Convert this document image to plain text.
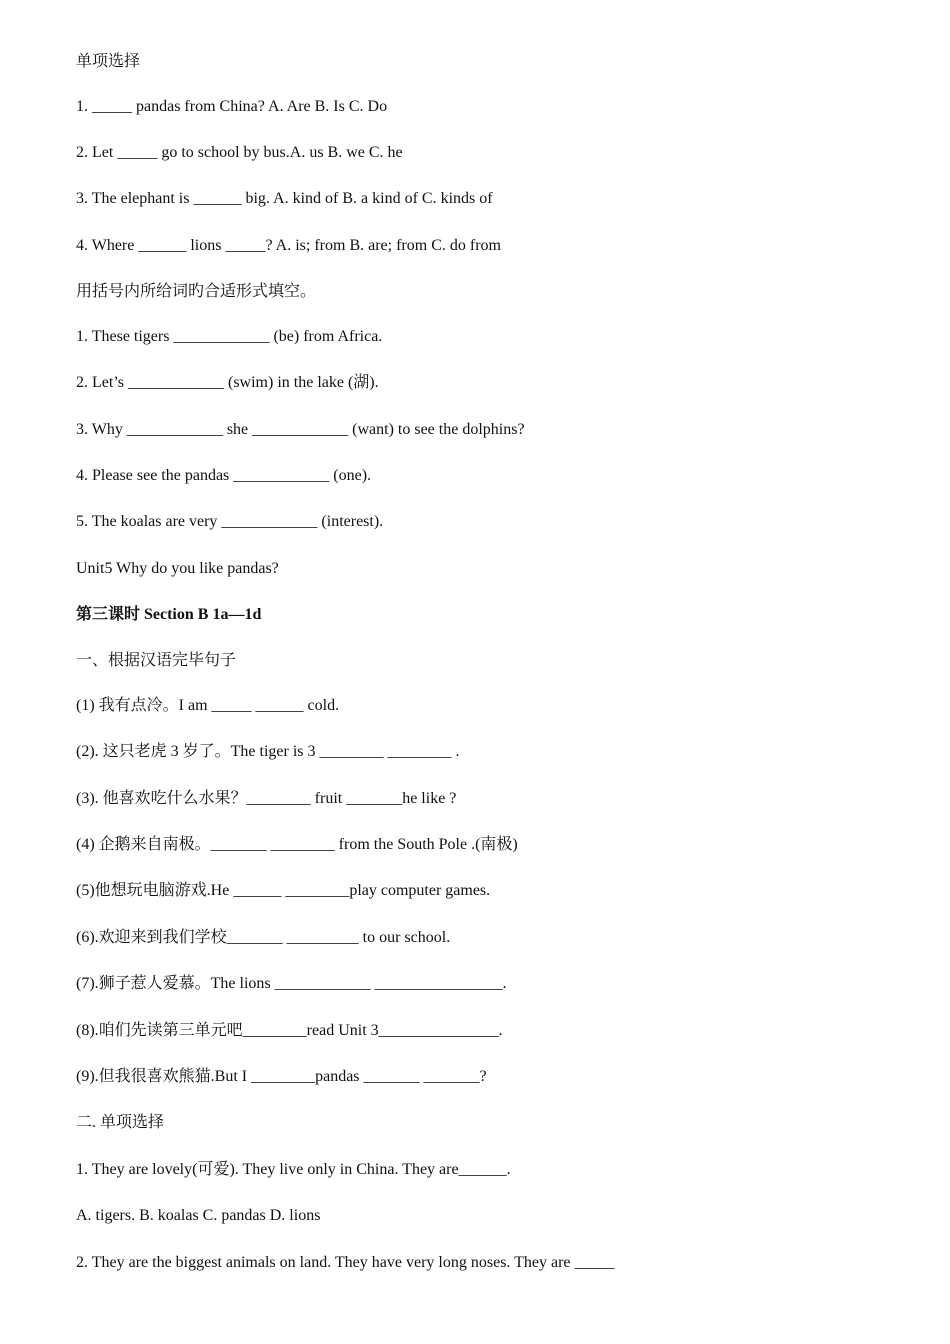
单项选择

1. _____ pandas from China? A. Are B. Is C. Do

2. Let _____ go to school by bus.A. us B. we C. he

3. The elephant is ______ big. A. kind of B. a kind of C. kinds of

4. Where ______ lions _____? A. is; from B. are; from C. do from

用括号内所给词旳合适形式填空。

1. These tigers ____________ (be) from Africa.

2. Let’s ____________ (swim) in the lake (湖).

3. Why ____________ she ____________ (want) to see the dolphins?

4. Please see the pandas ____________ (one).

5. The koalas are very ____________ (interest).

Unit5 Why do you like pandas?

第三课时 Section B 1a—1d

一、根据汉语完毕句子

(1) 我有点冷。I am _____ ______ cold.

(2). 这只老虎 3 岁了。The tiger is 3 ________ ________ .

(3). 他喜欢吃什么水果？________ fruit _______he like ?

(4) 企鹅来自南极。_______ ________ from the South Pole .(南极)

(5)他想玩电脑游戏.He ______ ________play computer games.

(6).欢迎来到我们学校_______ _________ to our school.

(7).狮子惹人爱慕。The lions ____________ ________________.

(8).咱们先读第三单元吧________read Unit 3_______________.

(9).但我很喜欢熊猫.But I ________pandas _______ _______?

二. 单项选择

1. They are lovely(可爱). They live only in China. They are______.

A. tigers. B. koalas C. pandas D. lions

2. They are the biggest animals on land. They have very long noses. They are _____
